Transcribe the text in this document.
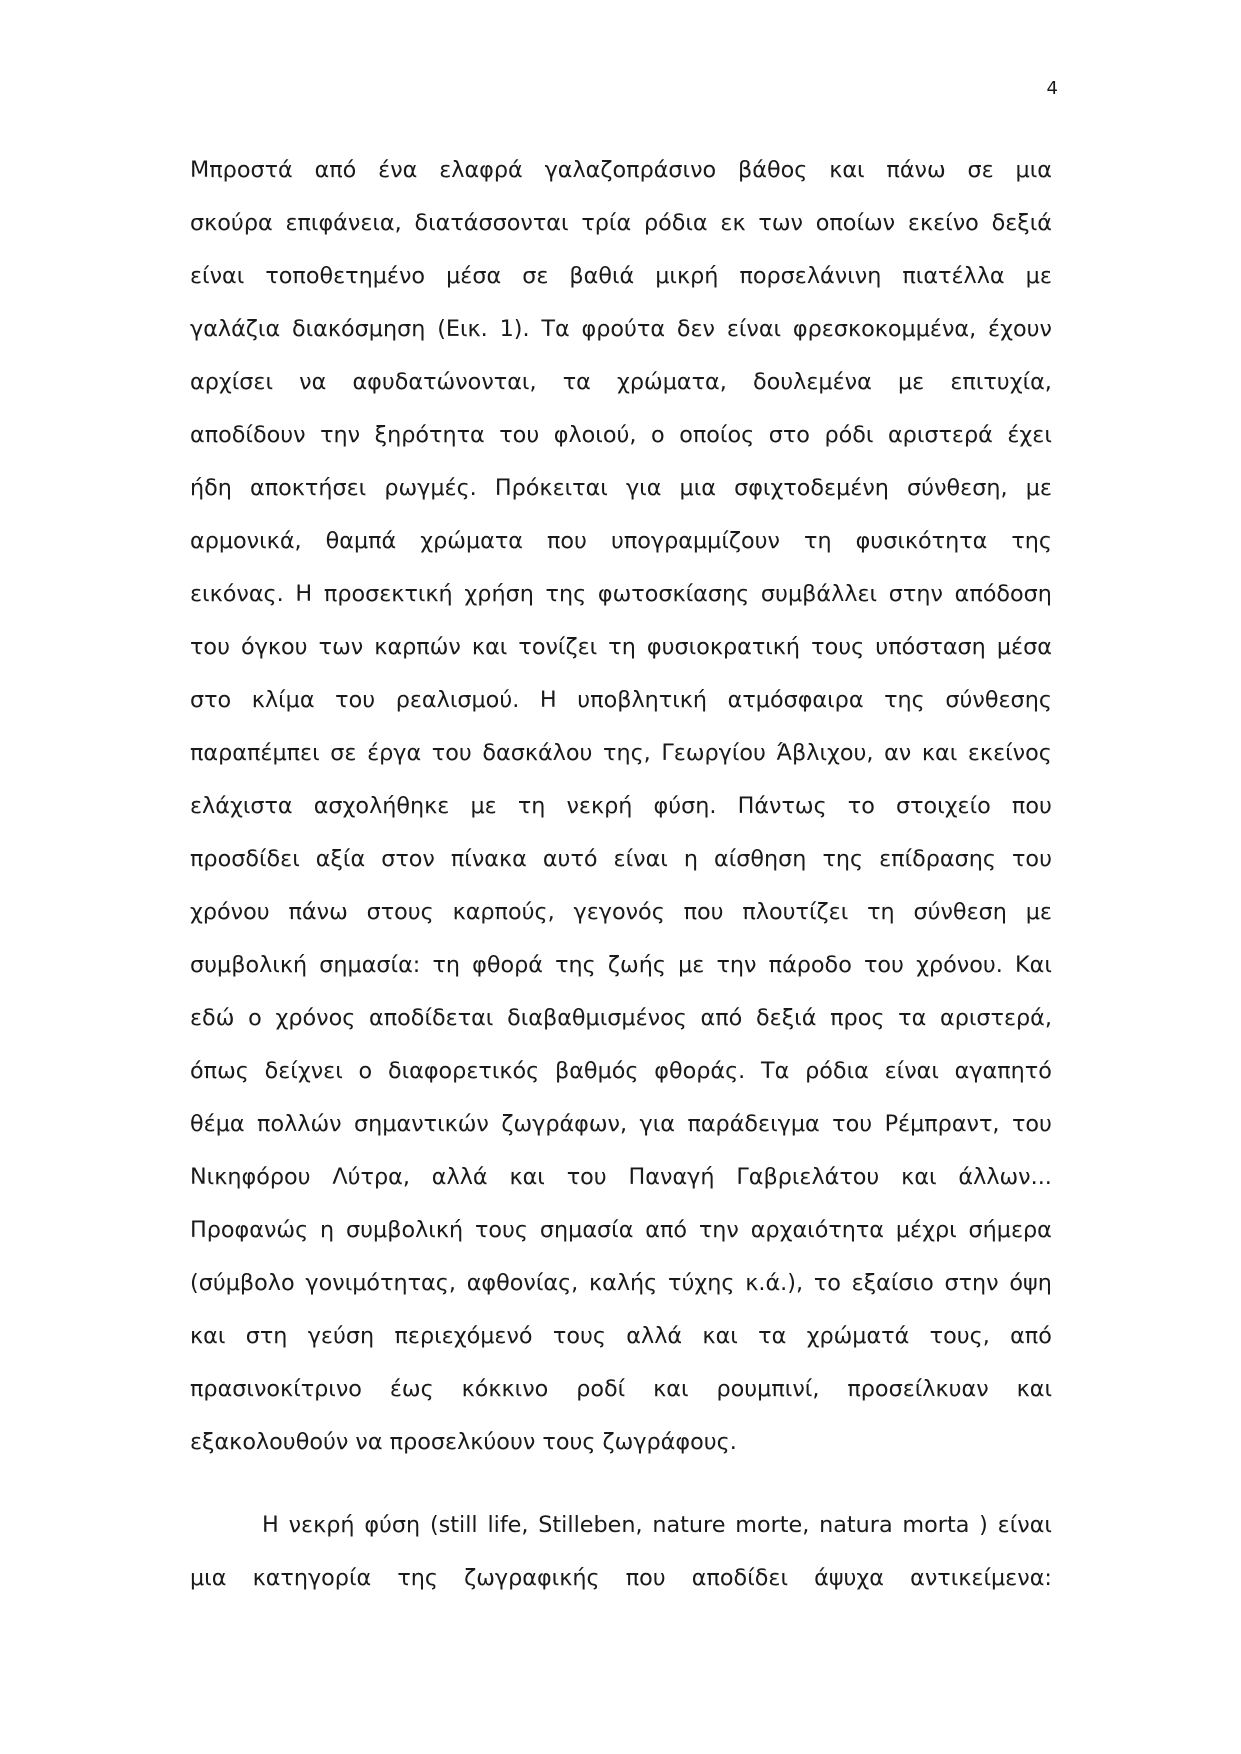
4
Μπροστά από ένα ελαφρά γαλαζοπράσινο βάθος και πάνω σε μια
σκούρα επιφάνεια, διατάσσονται τρία ρόδια εκ των οποίων εκείνο δεξιά
είναι τοποθετημένο μέσα σε βαθιά μικρή πορσελάνινη πιατέλλα με
γαλάζια διακόσμηση (Εικ. 1). Τα φρούτα δεν είναι φρεσκοκομμένα, έχουν
αρχίσει να αφυδατώνονται, τα χρώματα, δουλεμένα με επιτυχία,
αποδίδουν την ξηρότητα του φλοιού, ο οποίος στο ρόδι αριστερά έχει
ήδη αποκτήσει ρωγμές. Πρόκειται για μια σφιχτοδεμένη σύνθεση, με
αρμονικά, θαμπά χρώματα που υπογραμμίζουν τη φυσικότητα της
εικόνας. Η προσεκτική χρήση της φωτοσκίασης συμβάλλει στην απόδοση
του όγκου των καρπών και τονίζει τη φυσιοκρατική τους υπόσταση μέσα
στο κλίμα του ρεαλισμού. Η υποβλητική ατμόσφαιρα της σύνθεσης
παραπέμπει σε έργα του δασκάλου της, Γεωργίου Άβλιχου, αν και εκείνος
ελάχιστα ασχολήθηκε με τη νεκρή φύση. Πάντως το στοιχείο που
προσδίδει αξία στον πίνακα αυτό είναι η αίσθηση της επίδρασης του
χρόνου πάνω στους καρπούς, γεγονός που πλουτίζει τη σύνθεση με
συμβολική σημασία: τη φθορά της ζωής με την πάροδο του χρόνου. Και
εδώ ο χρόνος αποδίδεται διαβαθμισμένος από δεξιά προς τα αριστερά,
όπως δείχνει ο διαφορετικός βαθμός φθοράς. Τα ρόδια είναι αγαπητό
θέμα πολλών σημαντικών ζωγράφων, για παράδειγμα του Ρέμπραντ, του
Νικηφόρου Λύτρα, αλλά και του Παναγή Γαβριελάτου και άλλων...
Προφανώς η συμβολική τους σημασία από την αρχαιότητα μέχρι σήμερα
(σύμβολο γονιμότητας, αφθονίας, καλής τύχης κ.ά.), το εξαίσιο στην όψη
και στη γεύση περιεχόμενό τους αλλά και τα χρώματά τους, από
πρασινοκίτρινο έως κόκκινο ροδί και ρουμπινί, προσείλκυαν και
εξακολουθούν να προσελκύουν τους ζωγράφους.
Η νεκρή φύση (still life, Stilleben, nature morte, natura morta ) είναι
μια κατηγορία της ζωγραφικής που αποδίδει άψυχα αντικείμενα:
